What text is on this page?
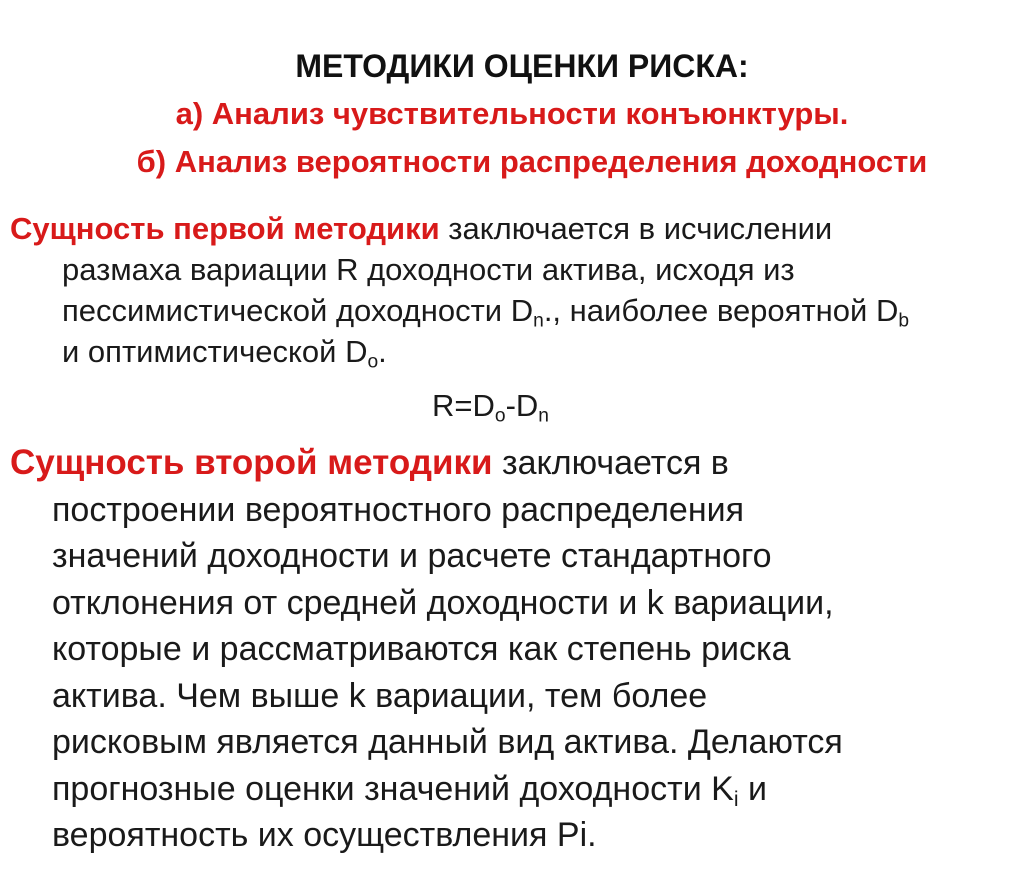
МЕТОДИКИ ОЦЕНКИ РИСКА:
а) Анализ чувствительности конъюнктуры.
б) Анализ вероятности распределения доходности
Сущность первой методики заключается в исчислении
размаха вариации R доходности актива, исходя из
пессимистической доходности $D_n$., наиболее вероятной $D_b$
и оптимистической $D_o$.
$R=D_o-D_n$
Сущность второй методики заключается в
построении вероятностного распределения
значений доходности и расчете стандартного
отклонения от средней доходности и k вариации,
которые и рассматриваются как степень риска
актива. Чем выше k вариации, тем более
рисковым является данный вид актива. Делаются
прогнозные оценки значений доходности $K_i$ и
вероятность их осуществления Pi.
